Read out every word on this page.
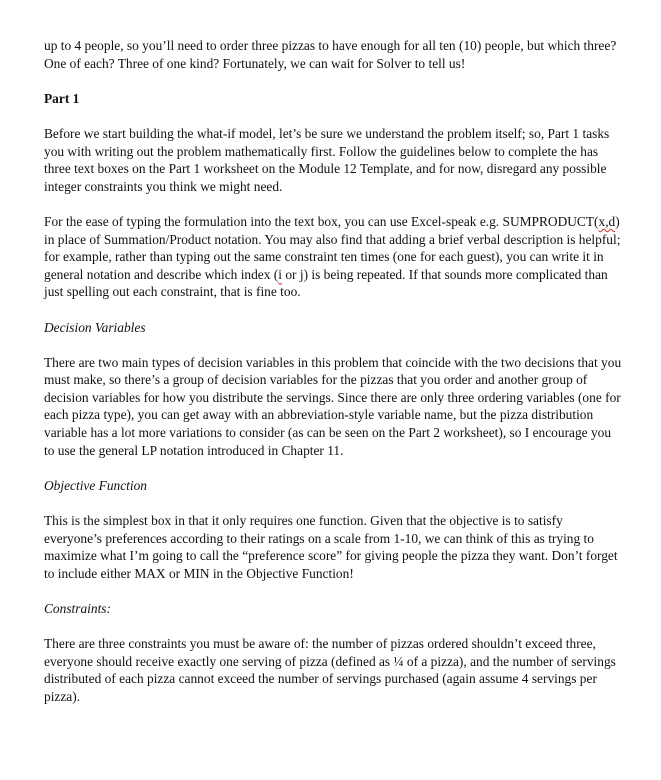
up to 4 people, so you’ll need to order three pizzas to have enough for all ten (10) people, but which three? One of each? Three of one kind? Fortunately, we can wait for Solver to tell us!

Part 1

Before we start building the what-if model, let’s be sure we understand the problem itself; so, Part 1 tasks you with writing out the problem mathematically first. Follow the guidelines below to complete the has three text boxes on the Part 1 worksheet on the Module 12 Template, and for now, disregard any possible integer constraints you think we might need.

For the ease of typing the formulation into the text box, you can use Excel-speak e.g. SUMPRODUCT(x,d) in place of Summation/Product notation. You may also find that adding a brief verbal description is helpful; for example, rather than typing out the same constraint ten times (one for each guest), you can write it in general notation and describe which index (i or j) is being repeated. If that sounds more complicated than just spelling out each constraint, that is fine too.

Decision Variables

There are two main types of decision variables in this problem that coincide with the two decisions that you must make, so there’s a group of decision variables for the pizzas that you order and another group of decision variables for how you distribute the servings. Since there are only three ordering variables (one for each pizza type), you can get away with an abbreviation-style variable name, but the pizza distribution variable has a lot more variations to consider (as can be seen on the Part 2 worksheet), so I encourage you to use the general LP notation introduced in Chapter 11.

Objective Function

This is the simplest box in that it only requires one function. Given that the objective is to satisfy everyone’s preferences according to their ratings on a scale from 1-10, we can think of this as trying to maximize what I’m going to call the “preference score” for giving people the pizza they want. Don’t forget to include either MAX or MIN in the Objective Function!

Constraints:

There are three constraints you must be aware of: the number of pizzas ordered shouldn’t exceed three, everyone should receive exactly one serving of pizza (defined as ¼ of a pizza), and the number of servings distributed of each pizza cannot exceed the number of servings purchased (again assume 4 servings per pizza).
